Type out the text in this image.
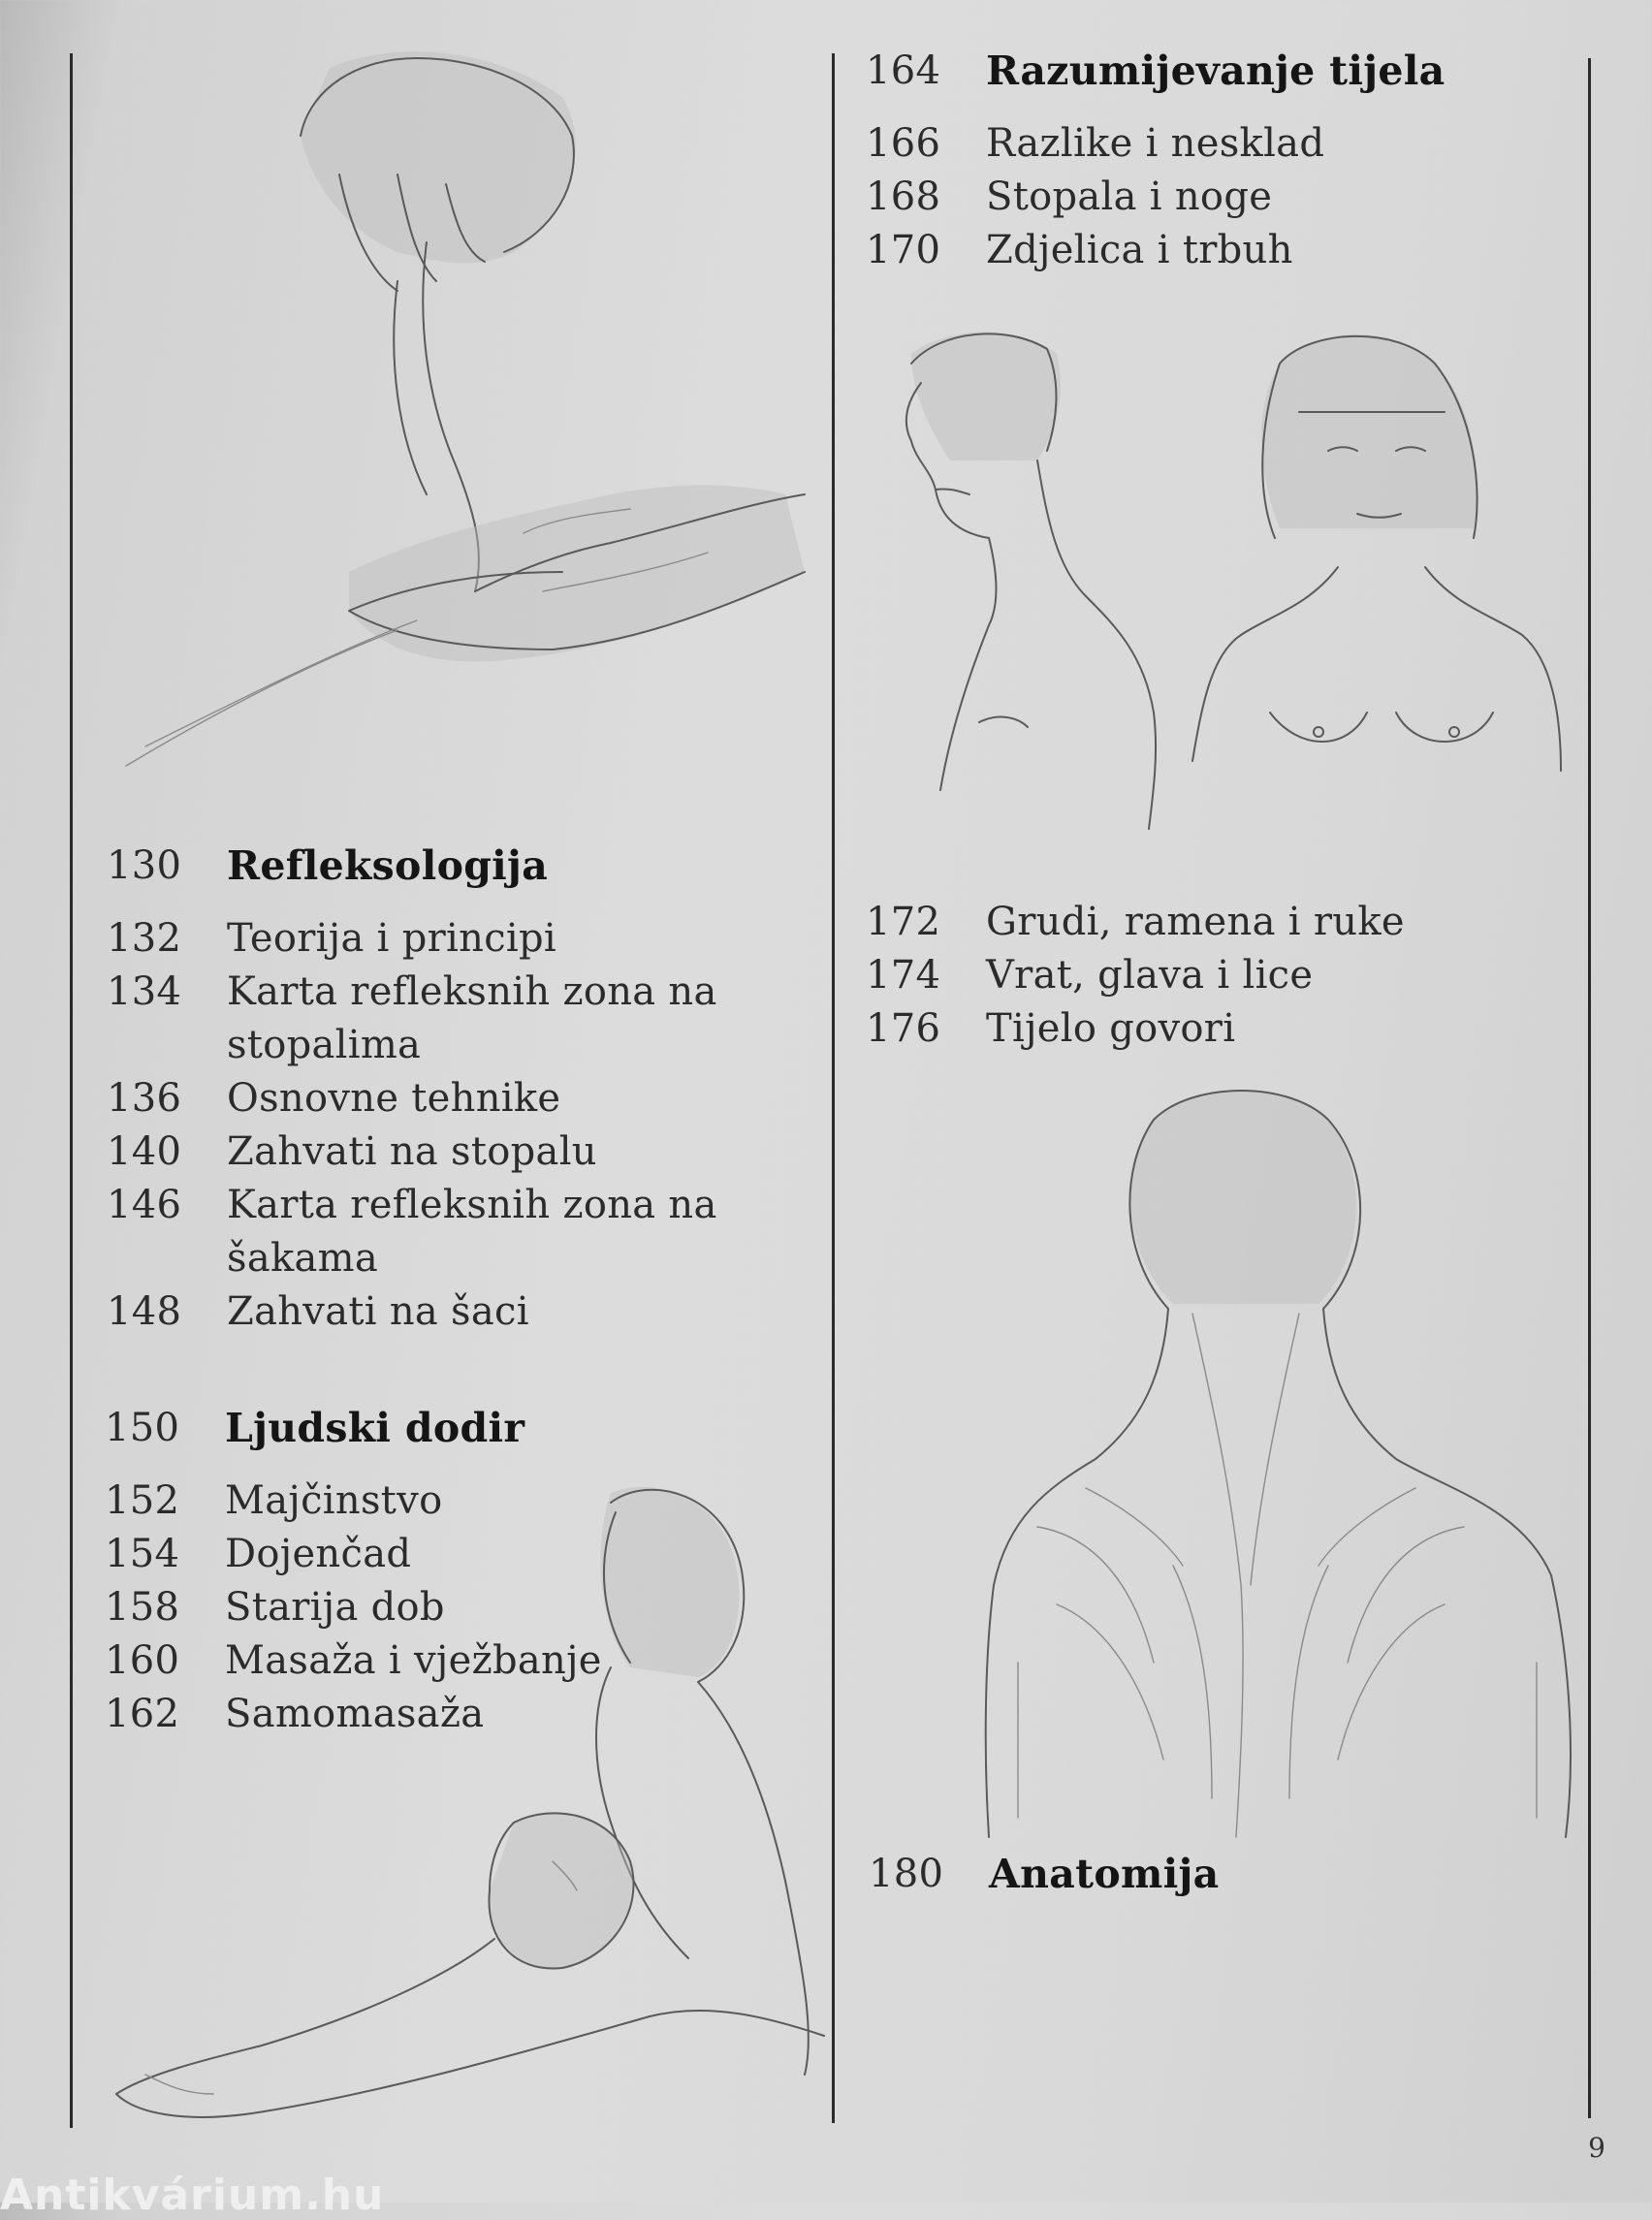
130	Refleksologija
132	Teorija i principi
134	Karta refleksnih zona na
stopalima
136	Osnovne tehnike
140	Zahvati na stopalu
146	Karta refleksnih zona na
šakama
148	Zahvati na šaci
150	Ljudski dodir
152	Majčinstvo
154	Dojenčad
158	Starija dob
160	Masaža i vježbanje
162	Samomasaža
164	Razumijevanje tijela
166	Razlike i nesklad
168	Stopala i noge
170	Zdjelica i trbuh
172	Grudi, ramena i ruke
174	Vrat, glava i lice
176	Tijelo govori
180	Anatomija
9
Antikvárium.hu
